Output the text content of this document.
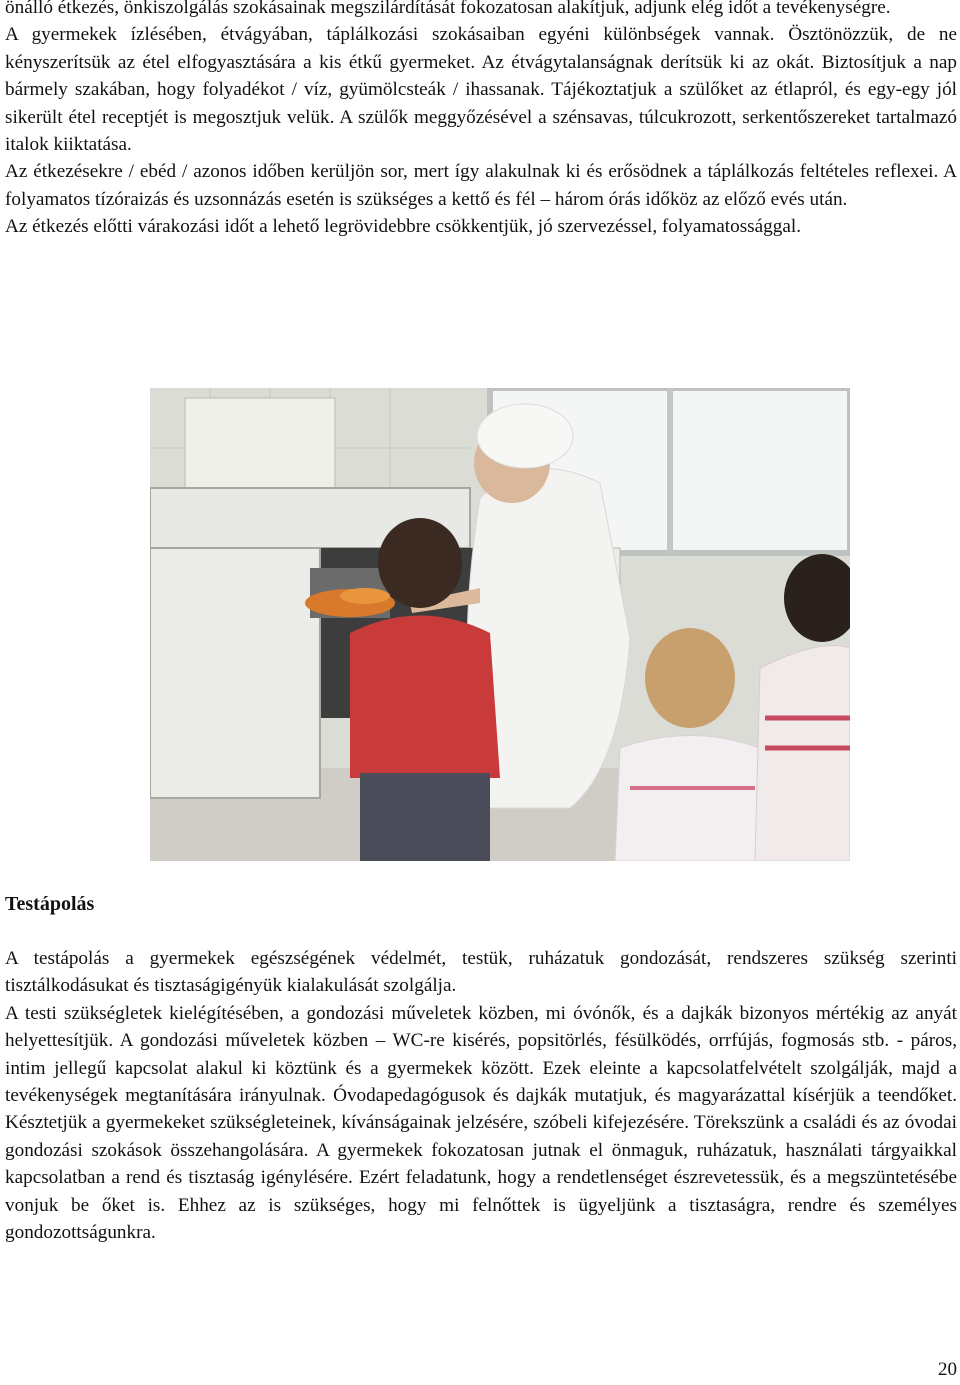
önálló étkezés, önkiszolgálás szokásainak megszilárdítását fokozatosan alakítjuk, adjunk elég időt a tevékenységre.

A gyermekek ízlésében, étvágyában, táplálkozási szokásaiban egyéni különbségek vannak. Ösztönözzük, de ne kényszerítsük az étel elfogyasztására a kis étkű gyermeket. Az étvágytalanságnak derítsük ki az okát. Biztosítjuk a nap bármely szakában, hogy folyadékot / víz, gyümölcsteák / ihassanak. Tájékoztatjuk a szülőket az étlapról, és egy-egy jól sikerült étel receptjét is megosztjuk velük. A szülők meggyőzésével a szénsavas, túlcukrozott, serkentőszereket tartalmazó italok kiiktatása.

Az étkezésekre / ebéd / azonos időben kerüljön sor, mert így alakulnak ki és erősödnek a táplálkozás feltételes reflexei. A folyamatos tízóraizás és uzsonnázás esetén is szükséges a kettő és fél – három órás időköz az előző evés után.

Az étkezés előtti várakozási időt a lehető legrövidebbre csökkentjük, jó szervezéssel, folyamatossággal.

Testápolás

A testápolás a gyermekek egészségének védelmét, testük, ruházatuk gondozását, rendszeres szükség szerinti tisztálkodásukat és tisztaságigényük kialakulását szolgálja.

A testi szükségletek kielégítésében, a gondozási műveletek közben, mi óvónők, és a dajkák bizonyos mértékig az anyát helyettesítjük. A gondozási műveletek közben – WC-re kisérés, popsitörlés, fésülködés, orrfújás, fogmosás stb. - páros, intim jellegű kapcsolat alakul ki köztünk és a gyermekek között. Ezek eleinte a kapcsolatfelvételt szolgálják, majd a tevékenységek megtanítására irányulnak. Óvodapedagógusok és dajkák mutatjuk, és magyarázattal kísérjük a teendőket. Késztetjük a gyermekeket szükségleteinek, kívánságainak jelzésére, szóbeli kifejezésére. Törekszünk a családi és az óvodai gondozási szokások összehangolására. A gyermekek fokozatosan jutnak el önmaguk, ruházatuk, használati tárgyaikkal kapcsolatban a rend és tisztaság igénylésére. Ezért feladatunk, hogy a rendetlenséget észrevetessük, és a megszüntetésébe vonjuk be őket is. Ehhez az is szükséges, hogy mi felnőttek is ügyeljünk a tisztaságra, rendre és személyes gondozottságunkra.

20
